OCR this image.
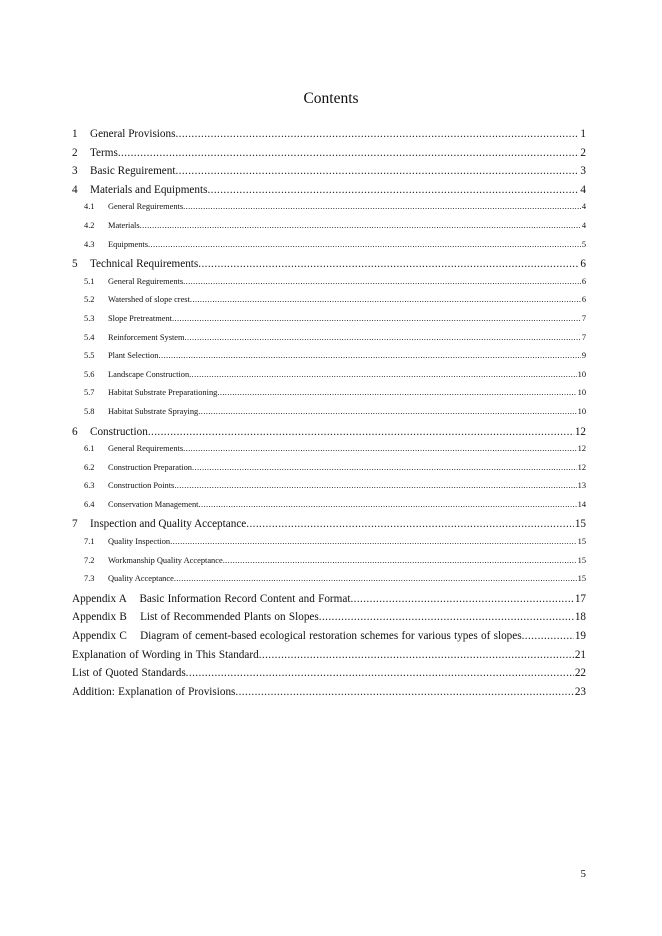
Contents
1	General Provisions .....	1
2	Terms .....	2
3	Basic Reguirement .....	3
4	Materials and Equipments .....	4
4.1	General Reguirements .....	4
4.2	Materials .....	4
4.3	Equipments .....	5
5	Technical Requirements .....	6
5.1	General Reguirements .....	6
5.2	Watershed of slope crest .....	6
5.3	Slope Pretreatment .....	7
5.4	Reinforcement System .....	7
5.5	Plant Selection .....	9
5.6	Landscape Construction .....	10
5.7	Habitat Substrate Preparationing .....	10
5.8	Habitat Substrate Spraying .....	10
6	Construction .....	12
6.1	General Requirements .....	12
6.2	Construction Preparation .....	12
6.3	Construction Points .....	13
6.4	Conservation Management .....	14
7	Inspection and Quality Acceptance .....	15
7.1	Quality Inspection .....	15
7.2	Workmanship Quality Acceptance .....	15
7.3	Quality Acceptance .....	15
Appendix A    Basic Information Record Content and Format .....	17
Appendix B    List of Recommended Plants on Slopes .....	18
Appendix C    Diagram of cement-based ecological restoration schemes for various types of slopes .....	19
Explanation of Wording in This Standard .....	21
List of Quoted Standards .....	22
Addition: Explanation of Provisions .....	23
5
